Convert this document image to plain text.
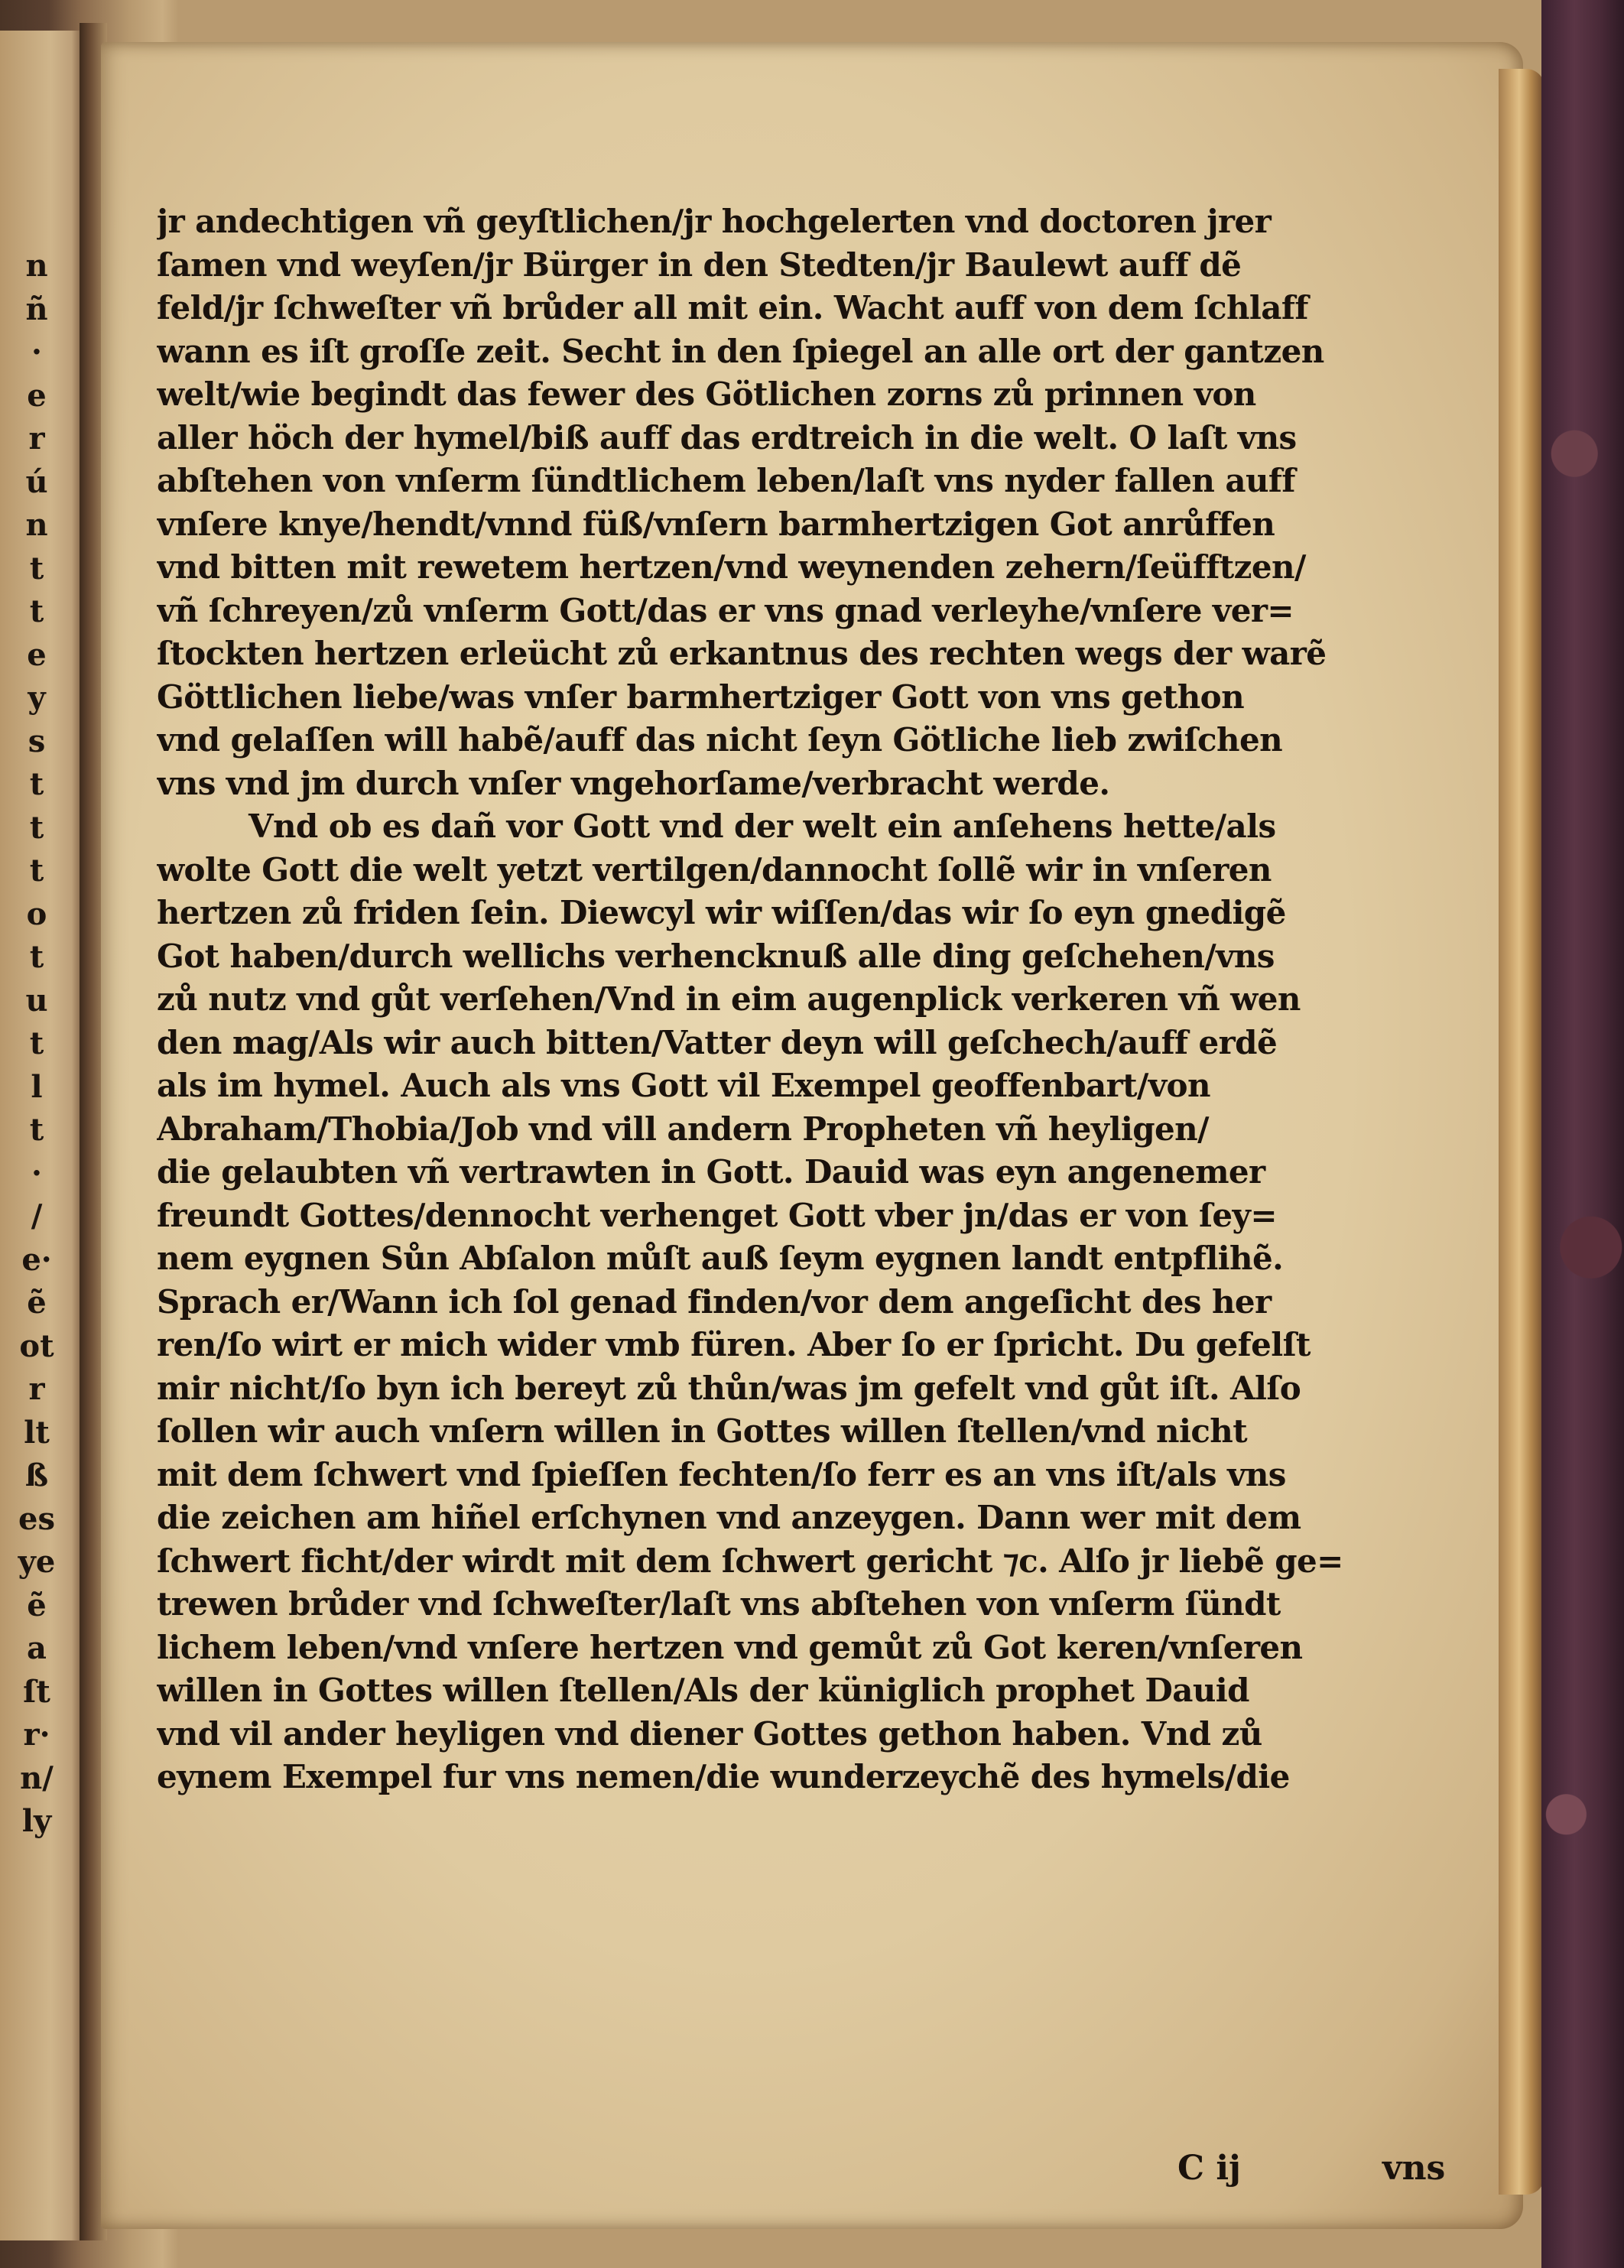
n
ñ
·
e
r
ú
n
t
t
e
y
s
t
t
t
o
t
u
t
l
t
·
/
e·
ẽ
ot
r
lt
ß
es
ye
ẽ
a
ſt
r·
n/
ly
jr andechtigen vñ geyſtlichen/jr hochgelerten vnd doctoren jrer
ſamen vnd weyſen/jr Bürger in den Stedten/jr Baulewt auff dẽ
feld/jr ſchweſter vñ brůder all mit ein. Wacht auff von dem ſchlaff
wann es iſt groſſe zeit. Secht in den ſpiegel an alle ort der gantzen
welt/wie begindt das fewer des Götlichen zorns zů prinnen von
aller höch der hymel/biß auff das erdtreich in die welt. O laſt vns
abſtehen von vnſerm ſündtlichem leben/laſt vns nyder fallen auff
vnſere knye/hendt/vnnd füß/vnſern barmhertzigen Got anrůffen
vnd bitten mit rewetem hertzen/vnd weynenden zehern/ſeüfftzen/
vñ ſchreyen/zů vnſerm Gott/das er vns gnad verleyhe/vnſere ver=
ſtockten hertzen erleücht zů erkantnus des rechten wegs der warẽ
Göttlichen liebe/was vnſer barmhertziger Gott von vns gethon
vnd gelaſſen will habẽ/auff das nicht ſeyn Götliche lieb zwiſchen
vns vnd jm durch vnſer vngehorſame/verbracht werde.
Vnd ob es dañ vor Gott vnd der welt ein anſehens hette/als
wolte Gott die welt yetzt vertilgen/dannocht ſollẽ wir in vnſeren
hertzen zů friden ſein. Diewcyl wir wiſſen/das wir ſo eyn gnedigẽ
Got haben/durch wellichs verhencknuß alle ding geſchehen/vns
zů nutz vnd gůt verſehen/Vnd in eim augenplick verkeren vñ wen
den mag/Als wir auch bitten/Vatter deyn will geſchech/auff erdẽ
als im hymel. Auch als vns Gott vil Exempel geoffenbart/von
Abraham/Thobia/Job vnd vill andern Propheten vñ heyligen/
die gelaubten vñ vertrawten in Gott. Dauid was eyn angenemer
freundt Gottes/dennocht verhenget Gott vber jn/das er von ſey=
nem eygnen Sůn Abſalon můſt auß ſeym eygnen landt entpflihẽ.
Sprach er/Wann ich ſol genad finden/vor dem angeſicht des her
ren/ſo wirt er mich wider vmb füren. Aber ſo er ſpricht. Du gefelſt
mir nicht/ſo byn ich bereyt zů thůn/was jm gefelt vnd gůt iſt. Alſo
ſollen wir auch vnſern willen in Gottes willen ſtellen/vnd nicht
mit dem ſchwert vnd ſpieſſen fechten/ſo ferr es an vns iſt/als vns
die zeichen am hiñel erſchynen vnd anzeygen. Dann wer mit dem
ſchwert ficht/der wirdt mit dem ſchwert gericht ⁊c. Alſo jr liebẽ ge=
trewen brůder vnd ſchweſter/laſt vns abſtehen von vnſerm ſündt
lichem leben/vnd vnſere hertzen vnd gemůt zů Got keren/vnſeren
willen in Gottes willen ſtellen/Als der küniglich prophet Dauid
vnd vil ander heyligen vnd diener Gottes gethon haben. Vnd zů
eynem Exempel fur vns nemen/die wunderzeychẽ des hymels/die
C ij	vns
